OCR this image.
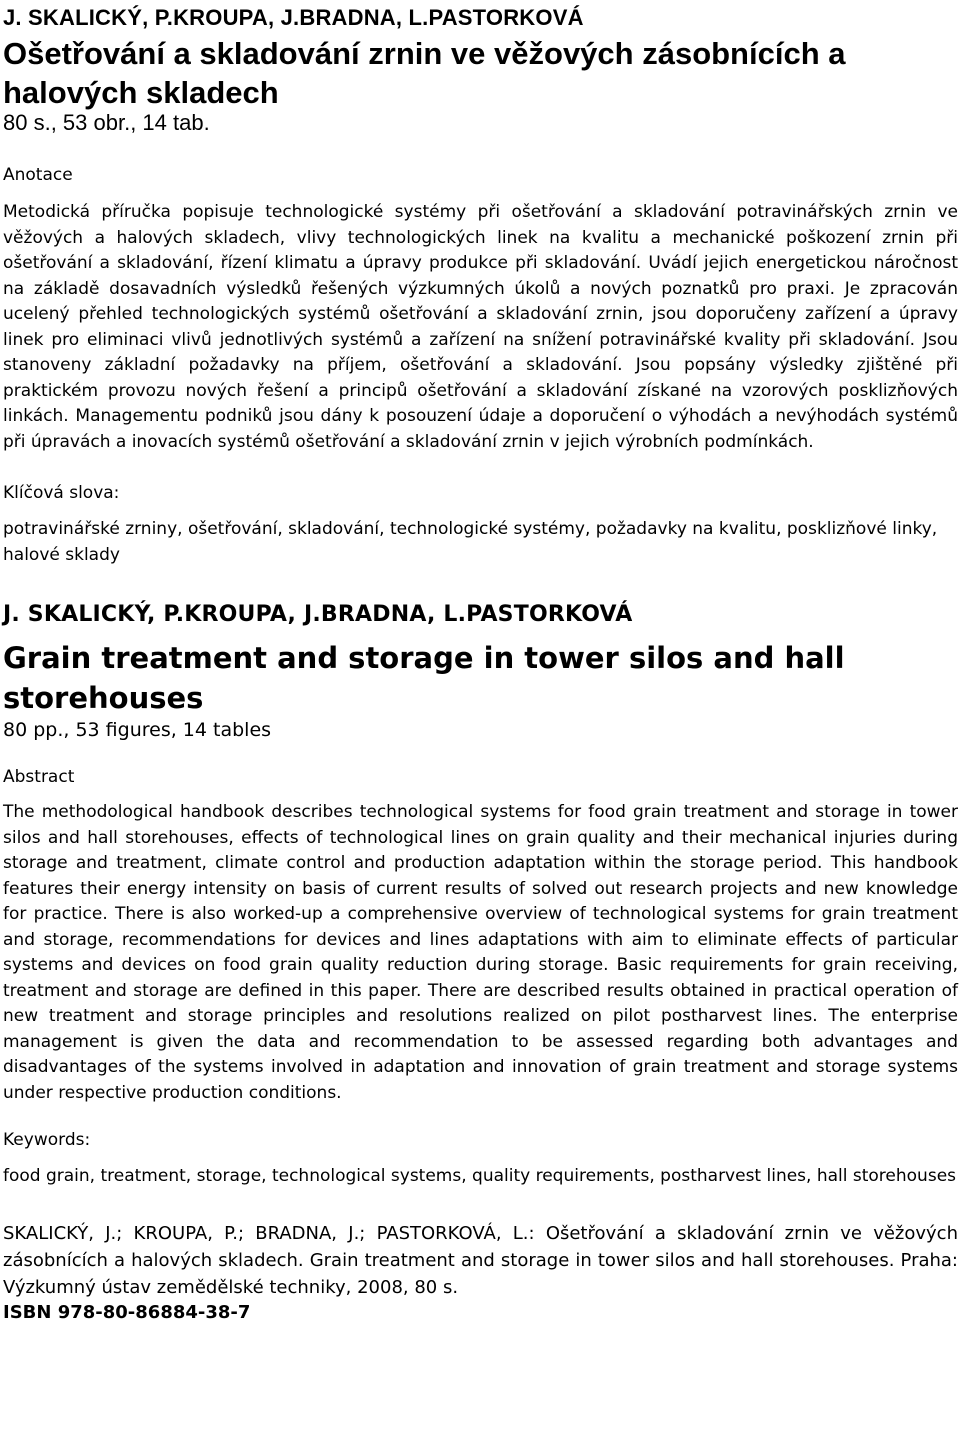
J. SKALICKÝ, P.KROUPA, J.BRADNA, L.PASTORKOVÁ

Ošetřování a skladování zrnin ve věžových zásobnících a halových skladech

80 s., 53 obr., 14 tab.

Anotace

Metodická příručka popisuje technologické systémy při ošetřování a skladování potravinářských zrnin ve věžových a halových skladech, vlivy technologických linek na kvalitu a mechanické poškození zrnin při ošetřování a skladování, řízení klimatu a úpravy produkce při skladování. Uvádí jejich energetickou náročnost na základě dosavadních výsledků řešených výzkumných úkolů a nových poznatků pro praxi. Je zpracován ucelený přehled technologických systémů ošetřování a skladování zrnin, jsou doporučeny zařízení a úpravy linek pro eliminaci vlivů jednotlivých systémů a zařízení na snížení potravinářské kvality při skladování. Jsou stanoveny základní požadavky na příjem, ošetřování a skladování. Jsou popsány výsledky zjištěné při praktickém provozu nových řešení a principů ošetřování a skladování získané na vzorových posklizňových linkách. Managementu podniků jsou dány k posouzení údaje a doporučení o výhodách a nevýhodách systémů při úpravách a inovacích systémů ošetřování a skladování zrnin v jejich výrobních podmínkách.

Klíčová slova:

potravinářské zrniny, ošetřování, skladování, technologické systémy, požadavky na kvalitu, posklizňové linky, halové sklady

J. SKALICKÝ, P.KROUPA, J.BRADNA, L.PASTORKOVÁ

Grain treatment and storage in tower silos and hall storehouses

80 pp., 53 figures, 14 tables

Abstract

The methodological handbook describes technological systems for food grain treatment and storage in tower silos and hall storehouses, effects of technological lines on grain quality and their mechanical injuries during storage and treatment, climate control and production adaptation within the storage period. This handbook features their energy intensity on basis of current results of solved out research projects and new knowledge for practice. There is also worked-up a comprehensive overview of technological systems for grain treatment and storage, recommendations for devices and lines adaptations with aim to eliminate effects of particular systems and devices on food grain quality reduction during storage. Basic requirements for grain receiving, treatment and storage are defined in this paper. There are described results obtained in practical operation of new treatment and storage principles and resolutions realized on pilot postharvest lines. The enterprise management is given the data and recommendation to be assessed regarding both advantages and disadvantages of the systems involved in adaptation and innovation of grain treatment and storage systems under respective production conditions.

Keywords:

food grain, treatment, storage, technological systems, quality requirements, postharvest lines, hall storehouses

SKALICKÝ, J.; KROUPA, P.; BRADNA, J.; PASTORKOVÁ, L.: Ošetřování a skladování zrnin ve věžových zásobnících a halových skladech. Grain treatment and storage in tower silos and hall storehouses. Praha: Výzkumný ústav zemědělské techniky, 2008, 80 s.

ISBN 978-80-86884-38-7
